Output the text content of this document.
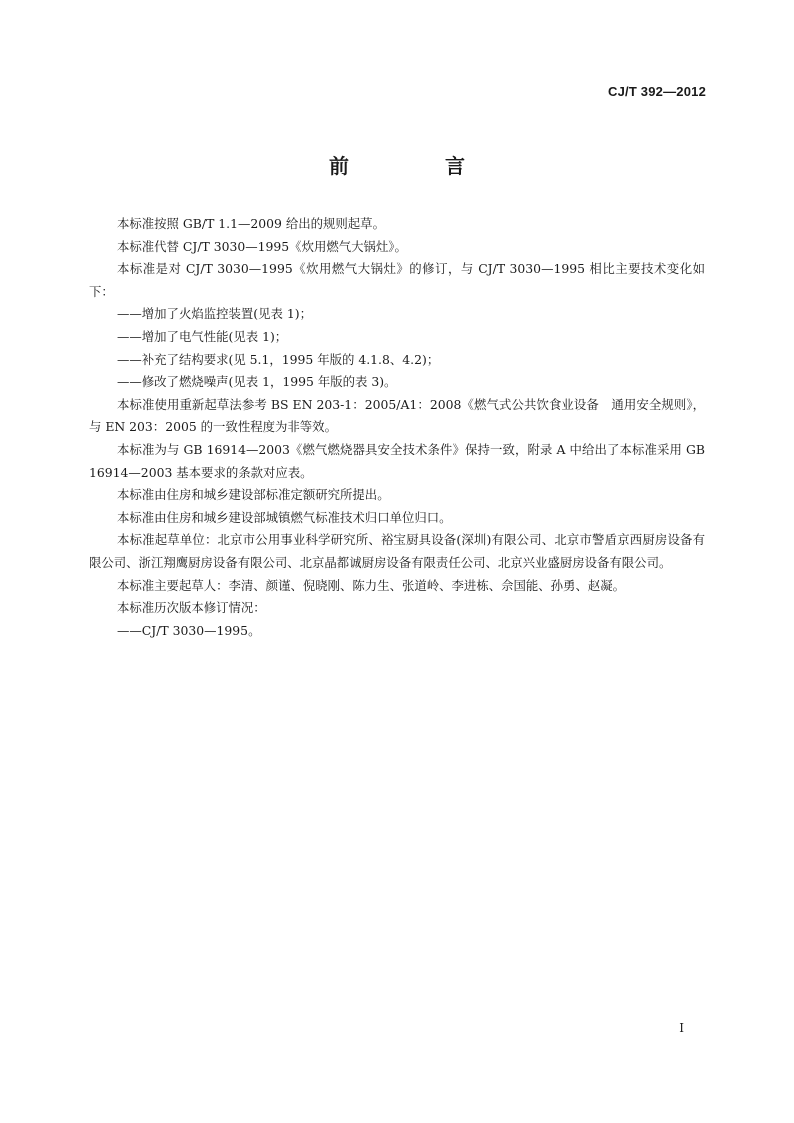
CJ/T 392—2012
前　言

本标准按照 GB/T 1.1—2009 给出的规则起草。

本标准代替 CJ/T 3030—1995《炊用燃气大锅灶》。

本标准是对 CJ/T 3030—1995《炊用燃气大锅灶》的修订，与 CJ/T 3030—1995 相比主要技术变化如下：

——增加了火焰监控装置(见表 1)；

——增加了电气性能(见表 1)；

——补充了结构要求(见 5.1，1995 年版的 4.1.8、4.2)；

——修改了燃烧噪声(见表 1，1995 年版的表 3)。

本标准使用重新起草法参考 BS EN 203-1：2005/A1：2008《燃气式公共饮食业设备　通用安全规则》，与 EN 203：2005 的一致性程度为非等效。

本标准为与 GB 16914—2003《燃气燃烧器具安全技术条件》保持一致，附录 A 中给出了本标准采用 GB 16914—2003 基本要求的条款对应表。

本标准由住房和城乡建设部标准定额研究所提出。

本标准由住房和城乡建设部城镇燃气标准技术归口单位归口。

本标准起草单位：北京市公用事业科学研究所、裕宝厨具设备(深圳)有限公司、北京市警盾京西厨房设备有限公司、浙江翔鹰厨房设备有限公司、北京晶都诚厨房设备有限责任公司、北京兴业盛厨房设备有限公司。

本标准主要起草人：李清、颜谨、倪晓刚、陈力生、张道岭、李进栋、佘国能、孙勇、赵凝。

本标准历次版本修订情况：

——CJ/T 3030—1995。

I
